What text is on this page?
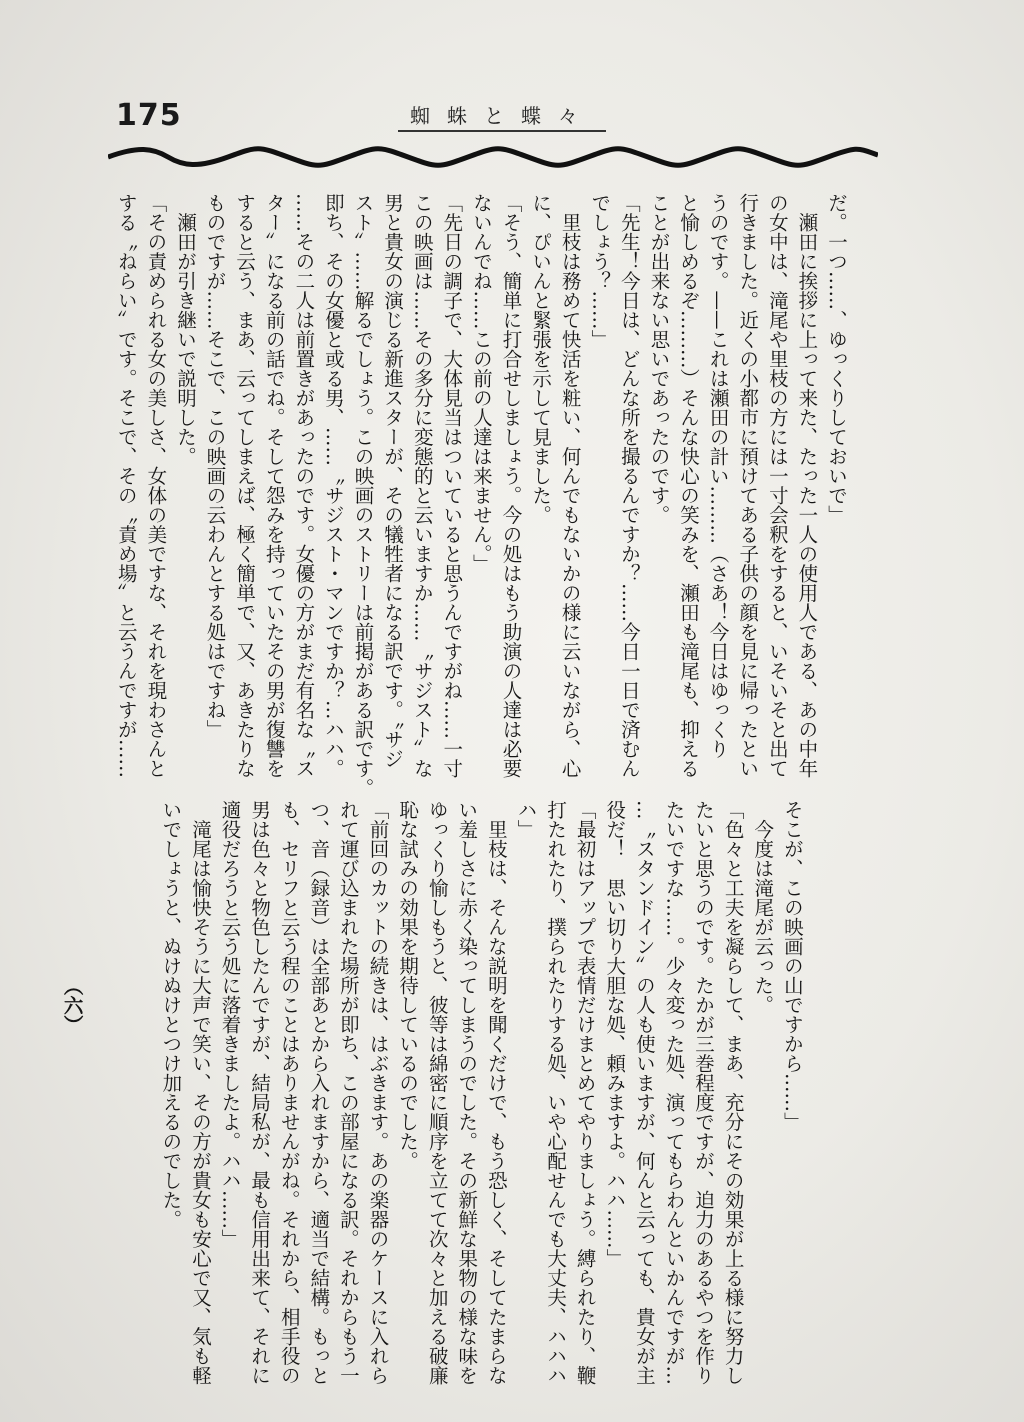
175	蜘蛛と蝶々
だ。一つ……、ゆっくりしておいで」
　瀬田に挨拶に上って来た、たった一人の使用人である、あの中年
の女中は、滝尾や里枝の方には一寸会釈をすると、いそいそと出て
行きました。近くの小都市に預けてある子供の顔を見に帰ったとい
うのです。——これは瀬田の計い………（さあ！今日はゆっくり
と愉しめるぞ………）そんな快心の笑みを、瀬田も滝尾も、抑える
ことが出来ない思いであったのです。
「先生！今日は、どんな所を撮るんですか？……今日一日で済むん
でしょう？……」
　里枝は務めて快活を粧い、何んでもないかの様に云いながら、心
に、ぴいんと緊張を示して見ました。
「そう、簡単に打合せしましょう。今の処はもう助演の人達は必要
ないんでね……この前の人達は来ません。」
「先日の調子で、大体見当はついていると思うんですがね……一寸
この映画は……その多分に変態的と云いますか……〝サジスト〟な
男と貴女の演じる新進スターが、その犠牲者になる訳です。〝サジ
スト〟……解るでしょう。この映画のストリーは前掲がある訳です。
即ち、その女優と或る男、……〝サジスト・マンですか？…ハハ。
……その二人は前置きがあったのです。女優の方がまだ有名な〝ス
ター〟になる前の話でね。そして怨みを持っていたその男が復讐を
すると云う、まあ、云ってしまえば、極く簡単で、又、あきたりな
ものですが……そこで、この映画の云わんとする処はですね」
　瀬田が引き継いで説明した。
「その責められる女の美しさ、女体の美ですな、それを現わさんと
する〝ねらい〟です。そこで、その〝責め場〟と云うんですが……

そこが、この映画の山ですから……」
　今度は滝尾が云った。
「色々と工夫を凝らして、まあ、充分にその効果が上る様に努力し
たいと思うのです。たかが三巻程度ですが、迫力のあるやつを作り
たいですな……。少々変った処、演ってもらわんといかんですが…
…〝スタンドイン〟の人も使いますが、何んと云っても、貴女が主
役だ！　思い切り大胆な処、頼みますよ。ハハ……」
「最初はアップで表情だけまとめてやりましょう。縛られたり、鞭
打たれたり、撲られたりする処、いや心配せんでも大丈夫、ハハハ
ハ」
　里枝は、そんな説明を聞くだけで、もう恐しく、そしてたまらな
い羞しさに赤く染ってしまうのでした。その新鮮な果物の様な味を
ゆっくり愉しもうと、彼等は綿密に順序を立てて次々と加える破廉
恥な試みの効果を期待しているのでした。
「前回のカットの続きは、はぶきます。あの楽器のケースに入れら
れて運び込まれた場所が即ち、この部屋になる訳。それからもう一
つ、音（録音）は全部あとから入れますから、適当で結構。もっと
も、セリフと云う程のことはありませんがね。それから、相手役の
男は色々と物色したんですが、結局私が、最も信用出来て、それに
適役だろうと云う処に落着きましたよ。ハハ……」
　滝尾は愉快そうに大声で笑い、その方が貴女も安心で又、気も軽
いでしょうと、ぬけぬけとつけ加えるのでした。

（六）
